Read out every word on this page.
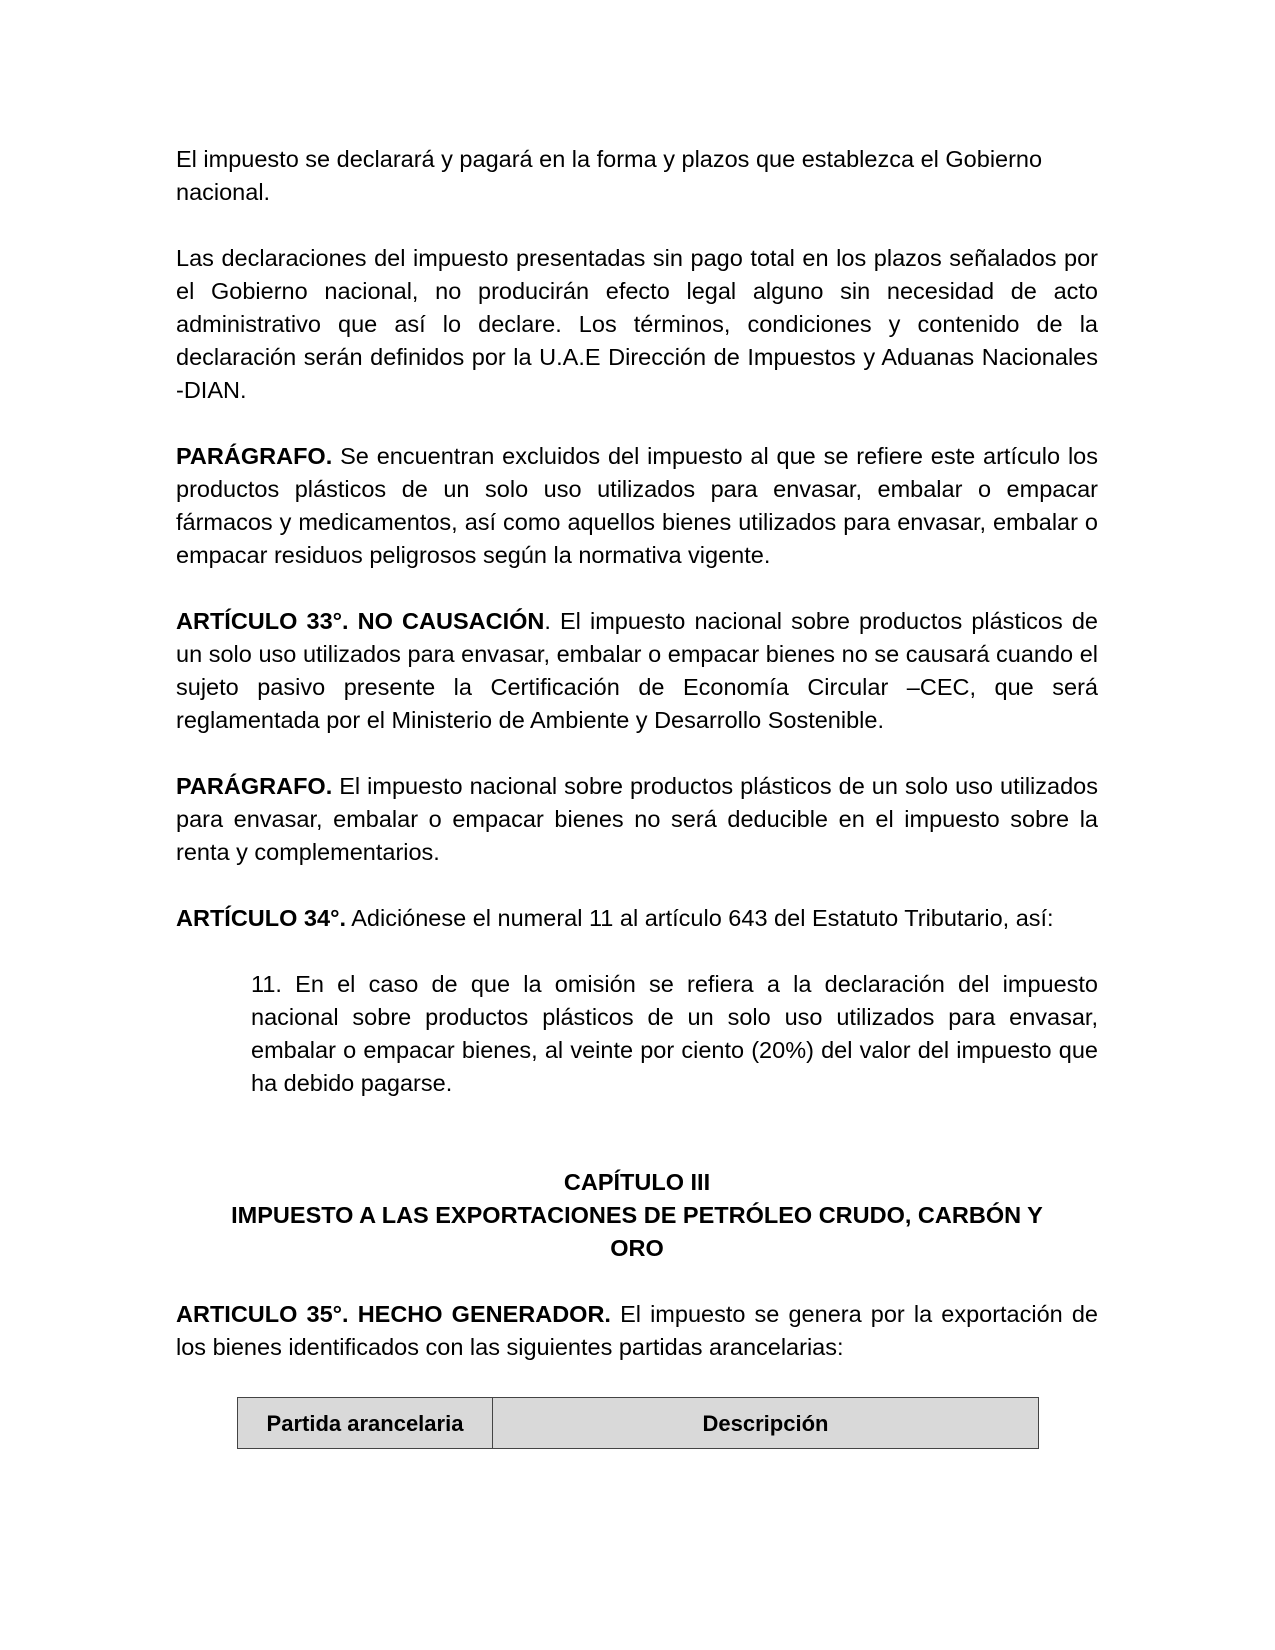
El impuesto se declarará y pagará en la forma y plazos que establezca el Gobierno nacional.

Las declaraciones del impuesto presentadas sin pago total en los plazos señalados por el Gobierno nacional, no producirán efecto legal alguno sin necesidad de acto administrativo que así lo declare. Los términos, condiciones y contenido de la declaración serán definidos por la U.A.E Dirección de Impuestos y Aduanas Nacionales -DIAN.

PARÁGRAFO. Se encuentran excluidos del impuesto al que se refiere este artículo los productos plásticos de un solo uso utilizados para envasar, embalar o empacar fármacos y medicamentos, así como aquellos bienes utilizados para envasar, embalar o empacar residuos peligrosos según la normativa vigente.

ARTÍCULO 33°. NO CAUSACIÓN. El impuesto nacional sobre productos plásticos de un solo uso utilizados para envasar, embalar o empacar bienes no se causará cuando el sujeto pasivo presente la Certificación de Economía Circular –CEC, que será reglamentada por el Ministerio de Ambiente y Desarrollo Sostenible.

PARÁGRAFO. El impuesto nacional sobre productos plásticos de un solo uso utilizados para envasar, embalar o empacar bienes no será deducible en el impuesto sobre la renta y complementarios.

ARTÍCULO 34°. Adiciónese el numeral 11 al artículo 643 del Estatuto Tributario, así:

11. En el caso de que la omisión se refiera a la declaración del impuesto nacional sobre productos plásticos de un solo uso utilizados para envasar, embalar o empacar bienes, al veinte por ciento (20%) del valor del impuesto que ha debido pagarse.

CAPÍTULO III
IMPUESTO A LAS EXPORTACIONES DE PETRÓLEO CRUDO, CARBÓN Y
ORO

ARTICULO 35°. HECHO GENERADOR. El impuesto se genera por la exportación de los bienes identificados con las siguientes partidas arancelarias:

Partida arancelaria	Descripción
